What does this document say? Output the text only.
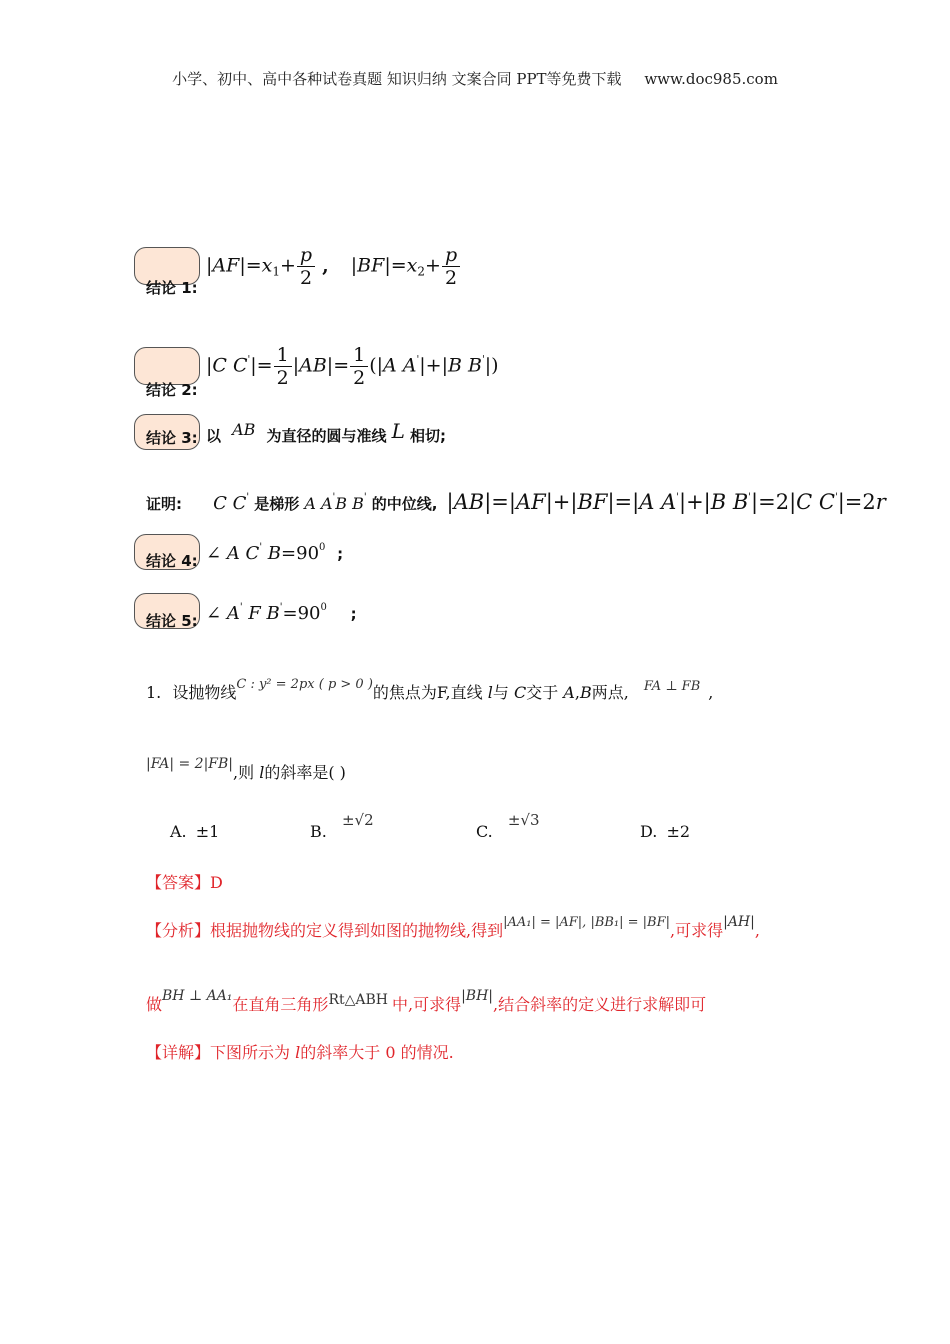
小学、初中、高中各种试卷真题 知识归纳 文案合同 PPT等免费下载 www.doc985.com
结论 1:
$|AF|=x_1+ \frac{p}{2}$ , $|BF|=x_2+ \frac{p}{2}$
结论 2:
|C $C'|= \frac{1}{2} |AB|= \frac{1}{2} (|A$ A'|+|B B'|)
结论 3: 以 AB 为直径的圆与准线 L 相切;
证明: C C' 是梯形 A A'B B' 的中位线, |AB|=|AF|+|BF|=|A A'|+|B B'|=2|C C'|=2r
结论 4: ∠ A C' $B=90^0$ ;
结论 5: ∠ A' F $B'=90^0$ ;
1. 设抛物线$^{C : y^2 = 2px ( p > 0 )}$的焦点为F,直线 l与 C交于 A,B两点, $^{FA \perp FB}$ ,
|FA| = 2|FB|,则 l的斜率是( )
A. ±1	B. ±√2
C. ±√3
D. ±2
【答案】D
【分析】根据抛物线的定义得到如图的抛物线,得到$^{|AA_1| = |AF|, |BB_1| = |BF|}$,可求得|AH|,
做BH ⊥ AA₁在直角三角形Rt△ABH 中,可求得|BH|,结合斜率的定义进行求解即可
【详解】下图所示为 l的斜率大于 0 的情况.
